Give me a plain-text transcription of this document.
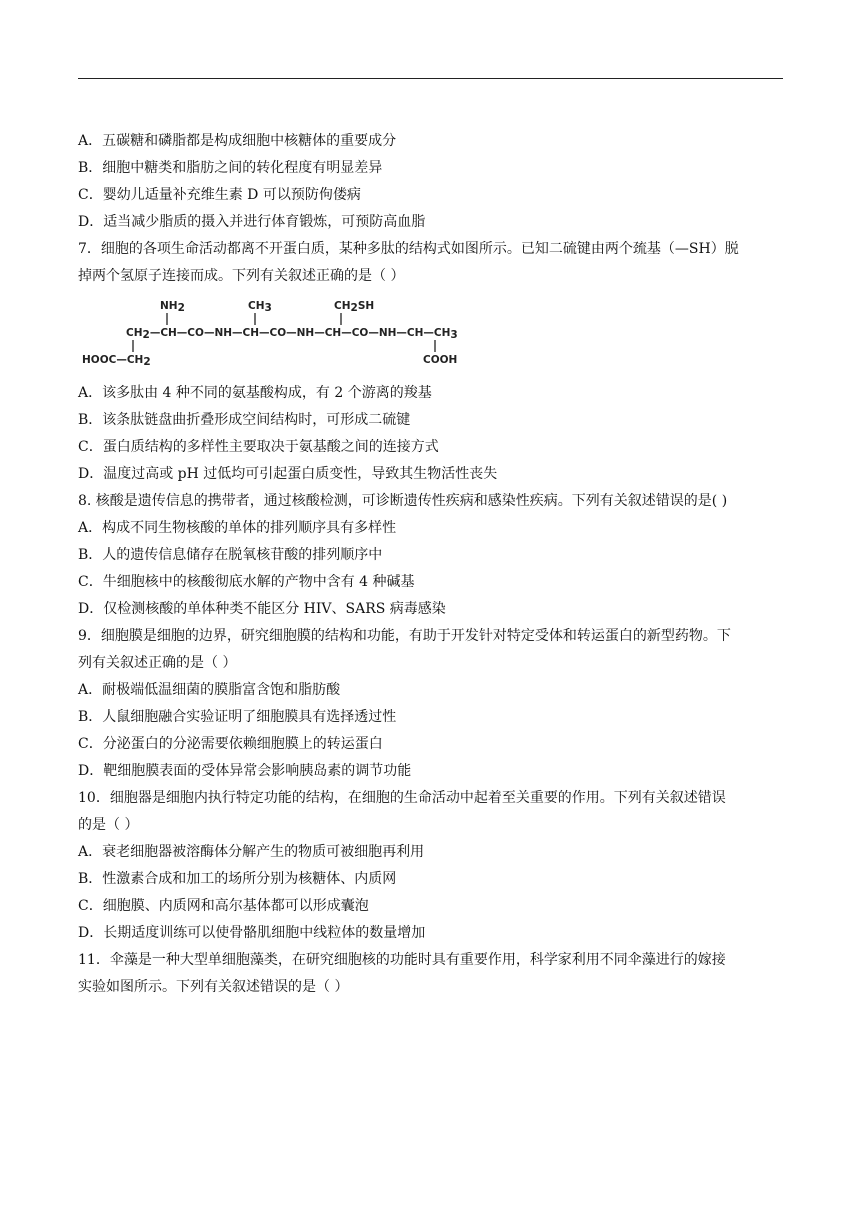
A．五碳糖和磷脂都是构成细胞中核糖体的重要成分
B．细胞中糖类和脂肪之间的转化程度有明显差异
C．婴幼儿适量补充维生素 D 可以预防佝偻病
D．适当减少脂质的摄入并进行体育锻炼，可预防高血脂
7．细胞的各项生命活动都离不开蛋白质，某种多肽的结构式如图所示。已知二硫键由两个巯基（—SH）脱
掉两个氢原子连接而成。下列有关叙述正确的是（ ）
NH2	CH3	CH2SH
CH2—CH—CO—NH—CH—CO—NH—CH—CO—NH—CH—CH3
HOOC—CH2	COOH
A．该多肽由 4 种不同的氨基酸构成，有 2 个游离的羧基
B．该条肽链盘曲折叠形成空间结构时，可形成二硫键
C．蛋白质结构的多样性主要取决于氨基酸之间的连接方式
D．温度过高或 pH 过低均可引起蛋白质变性，导致其生物活性丧失
8. 核酸是遗传信息的携带者，通过核酸检测，可诊断遗传性疾病和感染性疾病。下列有关叙述错误的是( )
A．构成不同生物核酸的单体的排列顺序具有多样性
B．人的遗传信息储存在脱氧核苷酸的排列顺序中
C．牛细胞核中的核酸彻底水解的产物中含有 4 种碱基
D．仅检测核酸的单体种类不能区分 HIV、SARS 病毒感染
9．细胞膜是细胞的边界，研究细胞膜的结构和功能，有助于开发针对特定受体和转运蛋白的新型药物。下
列有关叙述正确的是（ ）
A．耐极端低温细菌的膜脂富含饱和脂肪酸
B．人鼠细胞融合实验证明了细胞膜具有选择透过性
C．分泌蛋白的分泌需要依赖细胞膜上的转运蛋白
D．靶细胞膜表面的受体异常会影响胰岛素的调节功能
10．细胞器是细胞内执行特定功能的结构，在细胞的生命活动中起着至关重要的作用。下列有关叙述错误
的是（ ）
A．衰老细胞器被溶酶体分解产生的物质可被细胞再利用
B．性激素合成和加工的场所分别为核糖体、内质网
C．细胞膜、内质网和高尔基体都可以形成囊泡
D．长期适度训练可以使骨骼肌细胞中线粒体的数量增加
11．伞藻是一种大型单细胞藻类，在研究细胞核的功能时具有重要作用，科学家利用不同伞藻进行的嫁接
实验如图所示。下列有关叙述错误的是（ ）
